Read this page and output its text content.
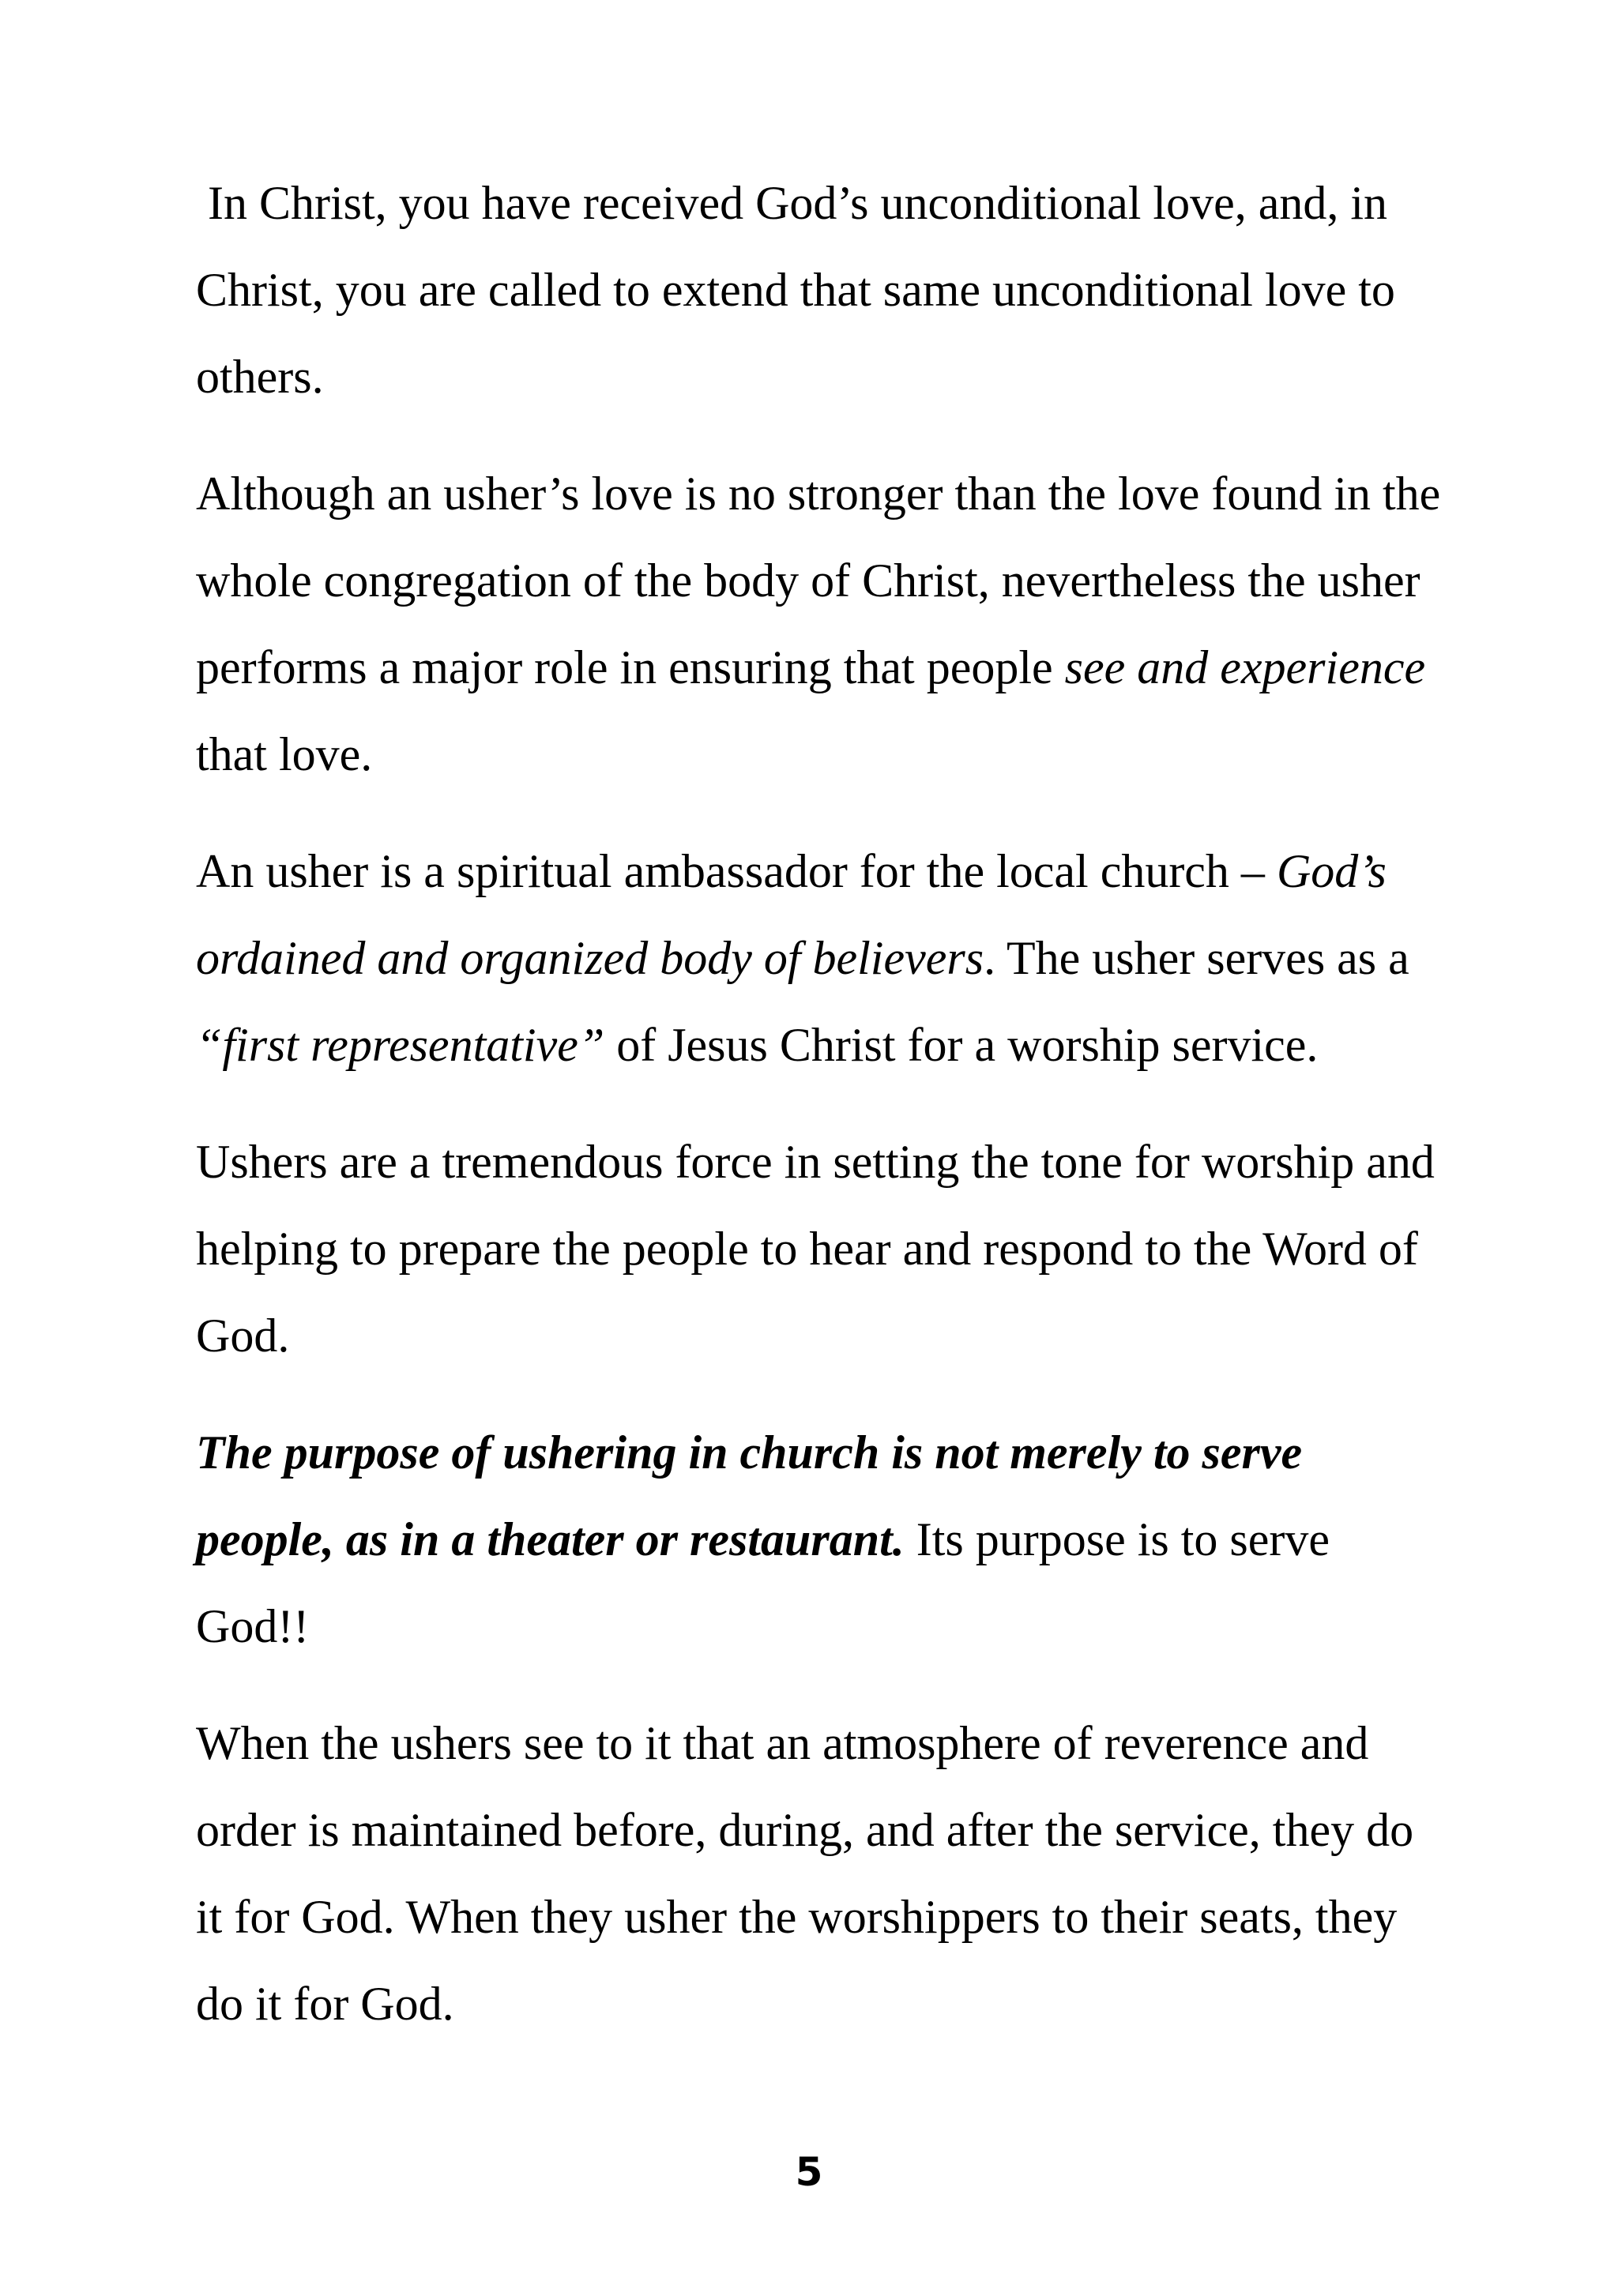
In Christ, you have received God’s unconditional love, and, in Christ, you are called to extend that same unconditional love to others.

Although an usher’s love is no stronger than the love found in the whole congregation of the body of Christ, nevertheless the usher performs a major role in ensuring that people see and experience that love.

An usher is a spiritual ambassador for the local church – God’s ordained and organized body of believers. The usher serves as a “first representative” of Jesus Christ for a worship service.

Ushers are a tremendous force in setting the tone for worship and helping to prepare the people to hear and respond to the Word of God.

The purpose of ushering in church is not merely to serve people, as in a theater or restaurant. Its purpose is to serve God!!

When the ushers see to it that an atmosphere of reverence and order is maintained before, during, and after the service, they do it for God. When they usher the worshippers to their seats, they do it for God.

5
